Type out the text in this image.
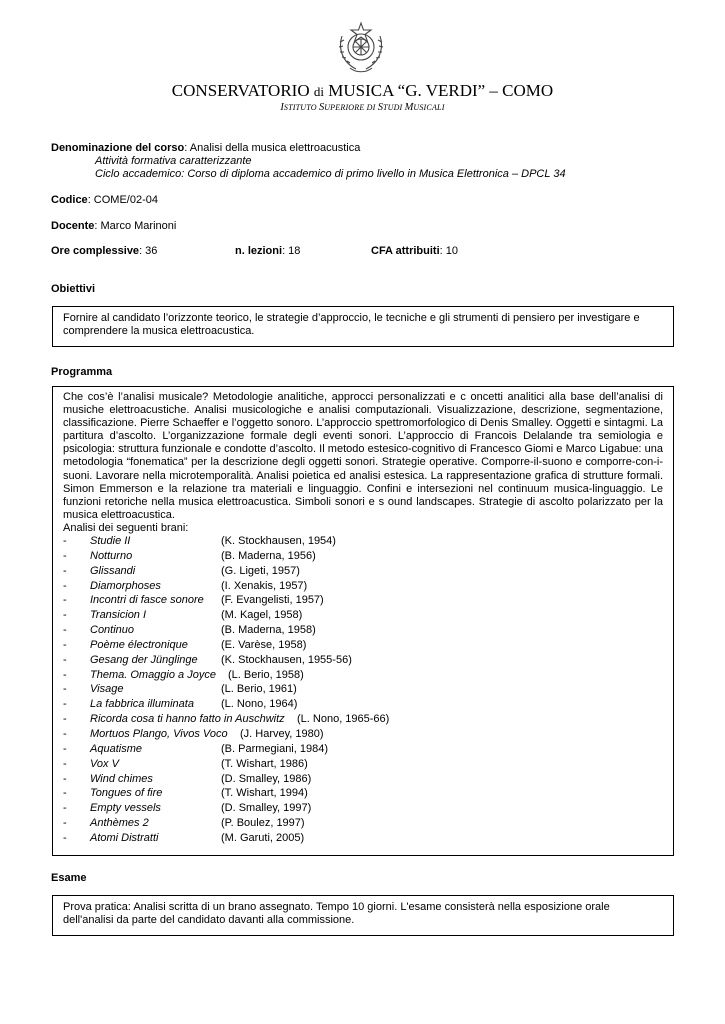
CONSERVATORIO di MUSICA “G. VERDI” – COMO
ISTITUTO SUPERIORE DI STUDI MUSICALI
Denominazione del corso: Analisi della musica elettroacustica
Attività formativa caratterizzante
Ciclo accademico: Corso di diploma accademico di primo livello in Musica Elettronica – DPCL 34
Codice: COME/02-04
Docente: Marco Marinoni
Ore complessive: 36	n. lezioni: 18	CFA attribuiti: 10
Obiettivi
Fornire al candidato l’orizzonte teorico, le strategie d’approccio, le tecniche e gli strumenti di pensiero per investigare e comprendere la musica elettroacustica.
Programma
Che cos’è l’analisi musicale? Metodologie analitiche, approcci personalizzati e c oncetti analitici alla base dell’analisi di musiche elettroacustiche. Analisi musicologiche e analisi computazionali. Visualizzazione, descrizione, segmentazione, classificazione. Pierre Schaeffer e l’oggetto sonoro. L’approccio spettromorfologico di Denis Smalley. Oggetti e sintagmi. La partitura d’ascolto. L’organizzazione formale degli eventi sonori. L’approccio di Francois Delalande tra semiologia e psicologia: struttura funzionale e condotte d’ascolto. Il metodo estesico-cognitivo di Francesco Giomi e Marco Ligabue: una metodologia “fonematica” per la descrizione degli oggetti sonori. Strategie operative. Comporre-il-suono e comporre-con-i-suoni. Lavorare nella microtemporalità. Analisi poietica ed analisi estesica. La rappresentazione grafica di strutture formali. Simon Emmerson e la relazione tra materiali e linguaggio. Confini e intersezioni nel continuum musica-linguaggio. Le funzioni retoriche nella musica elettroacustica. Simboli sonori e s ound landscapes. Strategie di ascolto polarizzato per la musica elettroacustica.
Analisi dei seguenti brani:
- Studie II	(K. Stockhausen, 1954)
- Notturno	(B. Maderna, 1956)
- Glissandi	(G. Ligeti, 1957)
- Diamorphoses	(I. Xenakis, 1957)
- Incontri di fasce sonore (F. Evangelisti, 1957)
- Transicion I	(M. Kagel, 1958)
- Continuo	(B. Maderna, 1958)
- Poème électronique	(E. Varèse, 1958)
- Gesang der Jünglinge (K. Stockhausen, 1955-56)
- Thema. Omaggio a Joyce (L. Berio, 1958)
- Visage	(L. Berio, 1961)
- La fabbrica illuminata (L. Nono, 1964)
- Ricorda cosa ti hanno fatto in Auschwitz (L. Nono, 1965-66)
- Mortuos Plango, Vivos Voco (J. Harvey, 1980)
- Aquatisme	(B. Parmegiani, 1984)
- Vox V	(T. Wishart, 1986)
- Wind chimes	(D. Smalley, 1986)
- Tongues of fire	(T. Wishart, 1994)
- Empty vessels	(D. Smalley, 1997)
- Anthèmes 2	(P. Boulez, 1997)
- Atomi Distratti	(M. Garuti, 2005)
Esame
Prova pratica: Analisi scritta di un brano assegnato. Tempo 10 giorni. L'esame consisterà nella esposizione orale dell'analisi da parte del candidato davanti alla commissione.
